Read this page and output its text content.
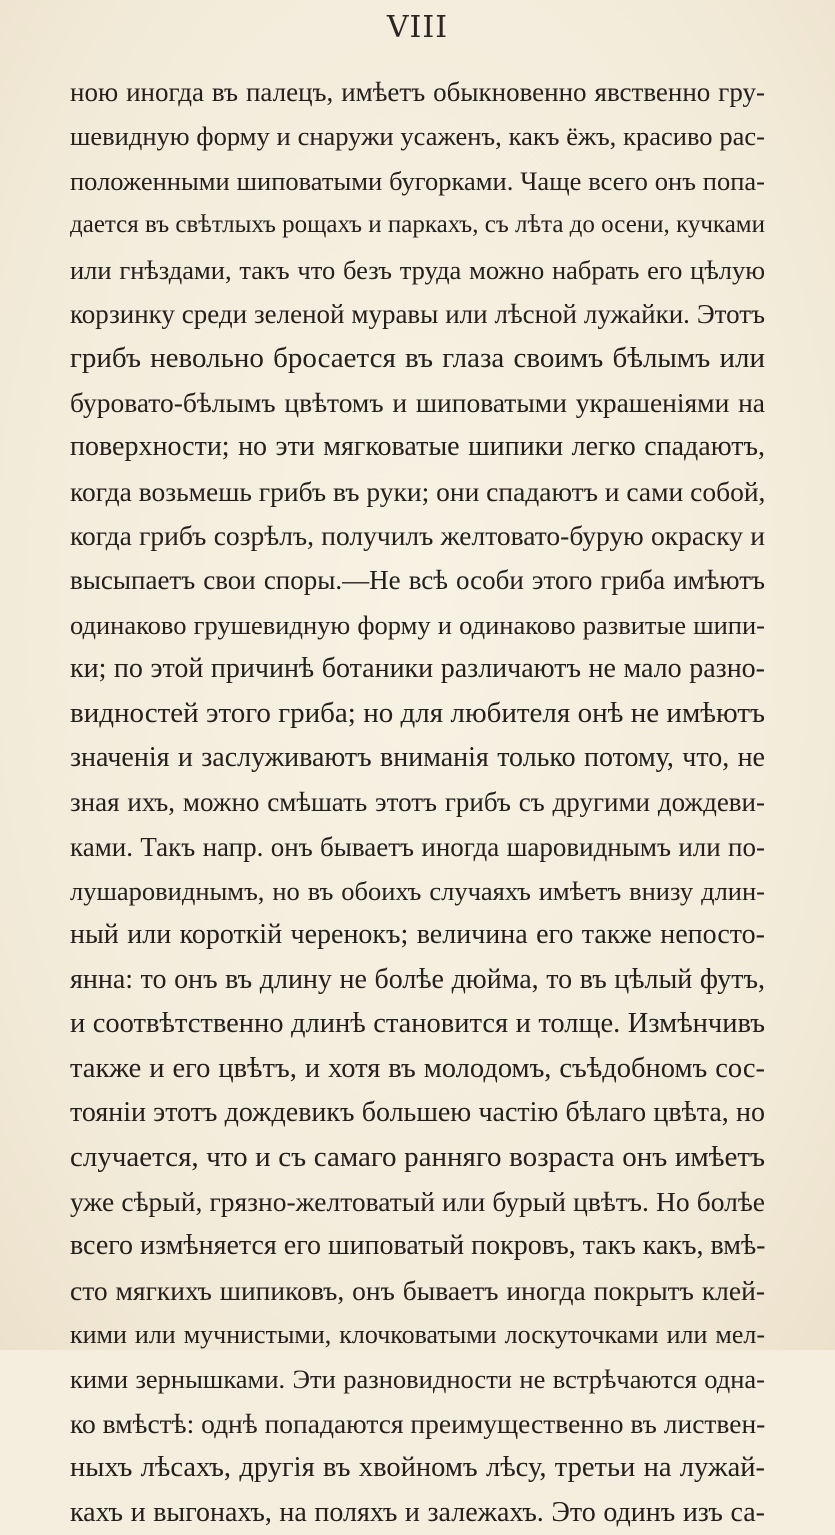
VIII
ною иногда въ палецъ, имѣетъ обыкновенно явственно гру-
шевидную форму и снаружи усаженъ, какъ ёжъ, красиво рас-
положенными шиповатыми бугорками. Чаще всего онъ попа-
дается въ свѣтлыхъ рощахъ и паркахъ, съ лѣта до осени, кучками
или гнѣздами, такъ что безъ труда можно набрать его цѣлую
корзинку среди зеленой муравы или лѣсной лужайки. Этотъ
грибъ невольно бросается въ глаза своимъ бѣлымъ или
буровато-бѣлымъ цвѣтомъ и шиповатыми украшеніями на
поверхности; но эти мягковатые шипики легко спадаютъ,
когда возьмешь грибъ въ руки; они спадаютъ и сами собой,
когда грибъ созрѣлъ, получилъ желтовато-бурую окраску и
высыпаетъ свои споры.—Не всѣ особи этого гриба имѣютъ
одинаково грушевидную форму и одинаково развитые шипи-
ки; по этой причинѣ ботаники различаютъ не мало разно-
видностей этого гриба; но для любителя онѣ не имѣютъ
значенія и заслуживаютъ вниманія только потому, что, не
зная ихъ, можно смѣшать этотъ грибъ съ другими дождеви-
ками. Такъ напр. онъ бываетъ иногда шаровиднымъ или по-
лушаровиднымъ, но въ обоихъ случаяхъ имѣетъ внизу длин-
ный или короткій черенокъ; величина его также непосто-
янна: то онъ въ длину не болѣе дюйма, то въ цѣлый футъ,
и соотвѣтственно длинѣ становится и толще. Измѣнчивъ
также и его цвѣтъ, и хотя въ молодомъ, съѣдобномъ сос-
тояніи этотъ дождевикъ большею частію бѣлаго цвѣта, но
случается, что и съ самаго ранняго возраста онъ имѣетъ
уже сѣрый, грязно-желтоватый или бурый цвѣтъ. Но болѣе
всего измѣняется его шиповатый покровъ, такъ какъ, вмѣ-
сто мягкихъ шипиковъ, онъ бываетъ иногда покрытъ клей-
кими или мучнистыми, клочковатыми лоскуточками или мел-
кими зернышками. Эти разновидности не встрѣчаются одна-
ко вмѣстѣ: однѣ попадаются преимущественно въ листвен-
ныхъ лѣсахъ, другія въ хвойномъ лѣсу, третьи на лужай-
кахъ и выгонахъ, на поляхъ и залежахъ. Это одинъ изъ са-
